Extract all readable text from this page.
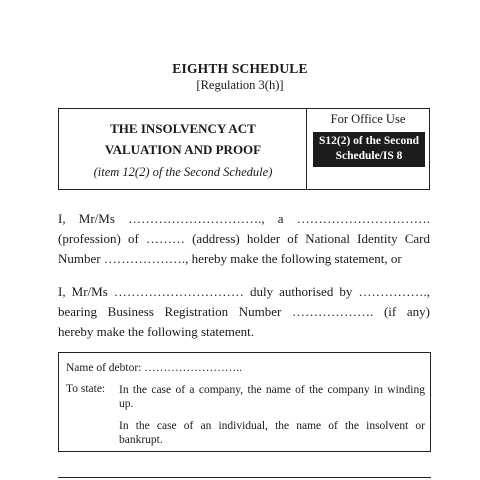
EIGHTH SCHEDULE
[Regulation 3(h)]
THE INSOLVENCY ACT
VALUATION AND PROOF
(item 12(2) of the Second Schedule)
For Office Use
S12(2) of the Second
Schedule/IS 8

I, Mr/Ms …………………………., a …………………………. (profession) of ……… (address) holder of National Identity Card
Number ………………., hereby make the following statement, or

I, Mr/Ms ………………………… duly authorised by ……………., bearing Business Registration Number ………………. (if any)
hereby make the following statement.

Name of debtor: ……………………..
To state: In the case of a company, the name of the company in winding
up.
In the case of an individual, the name of the insolvent or
bankrupt.
